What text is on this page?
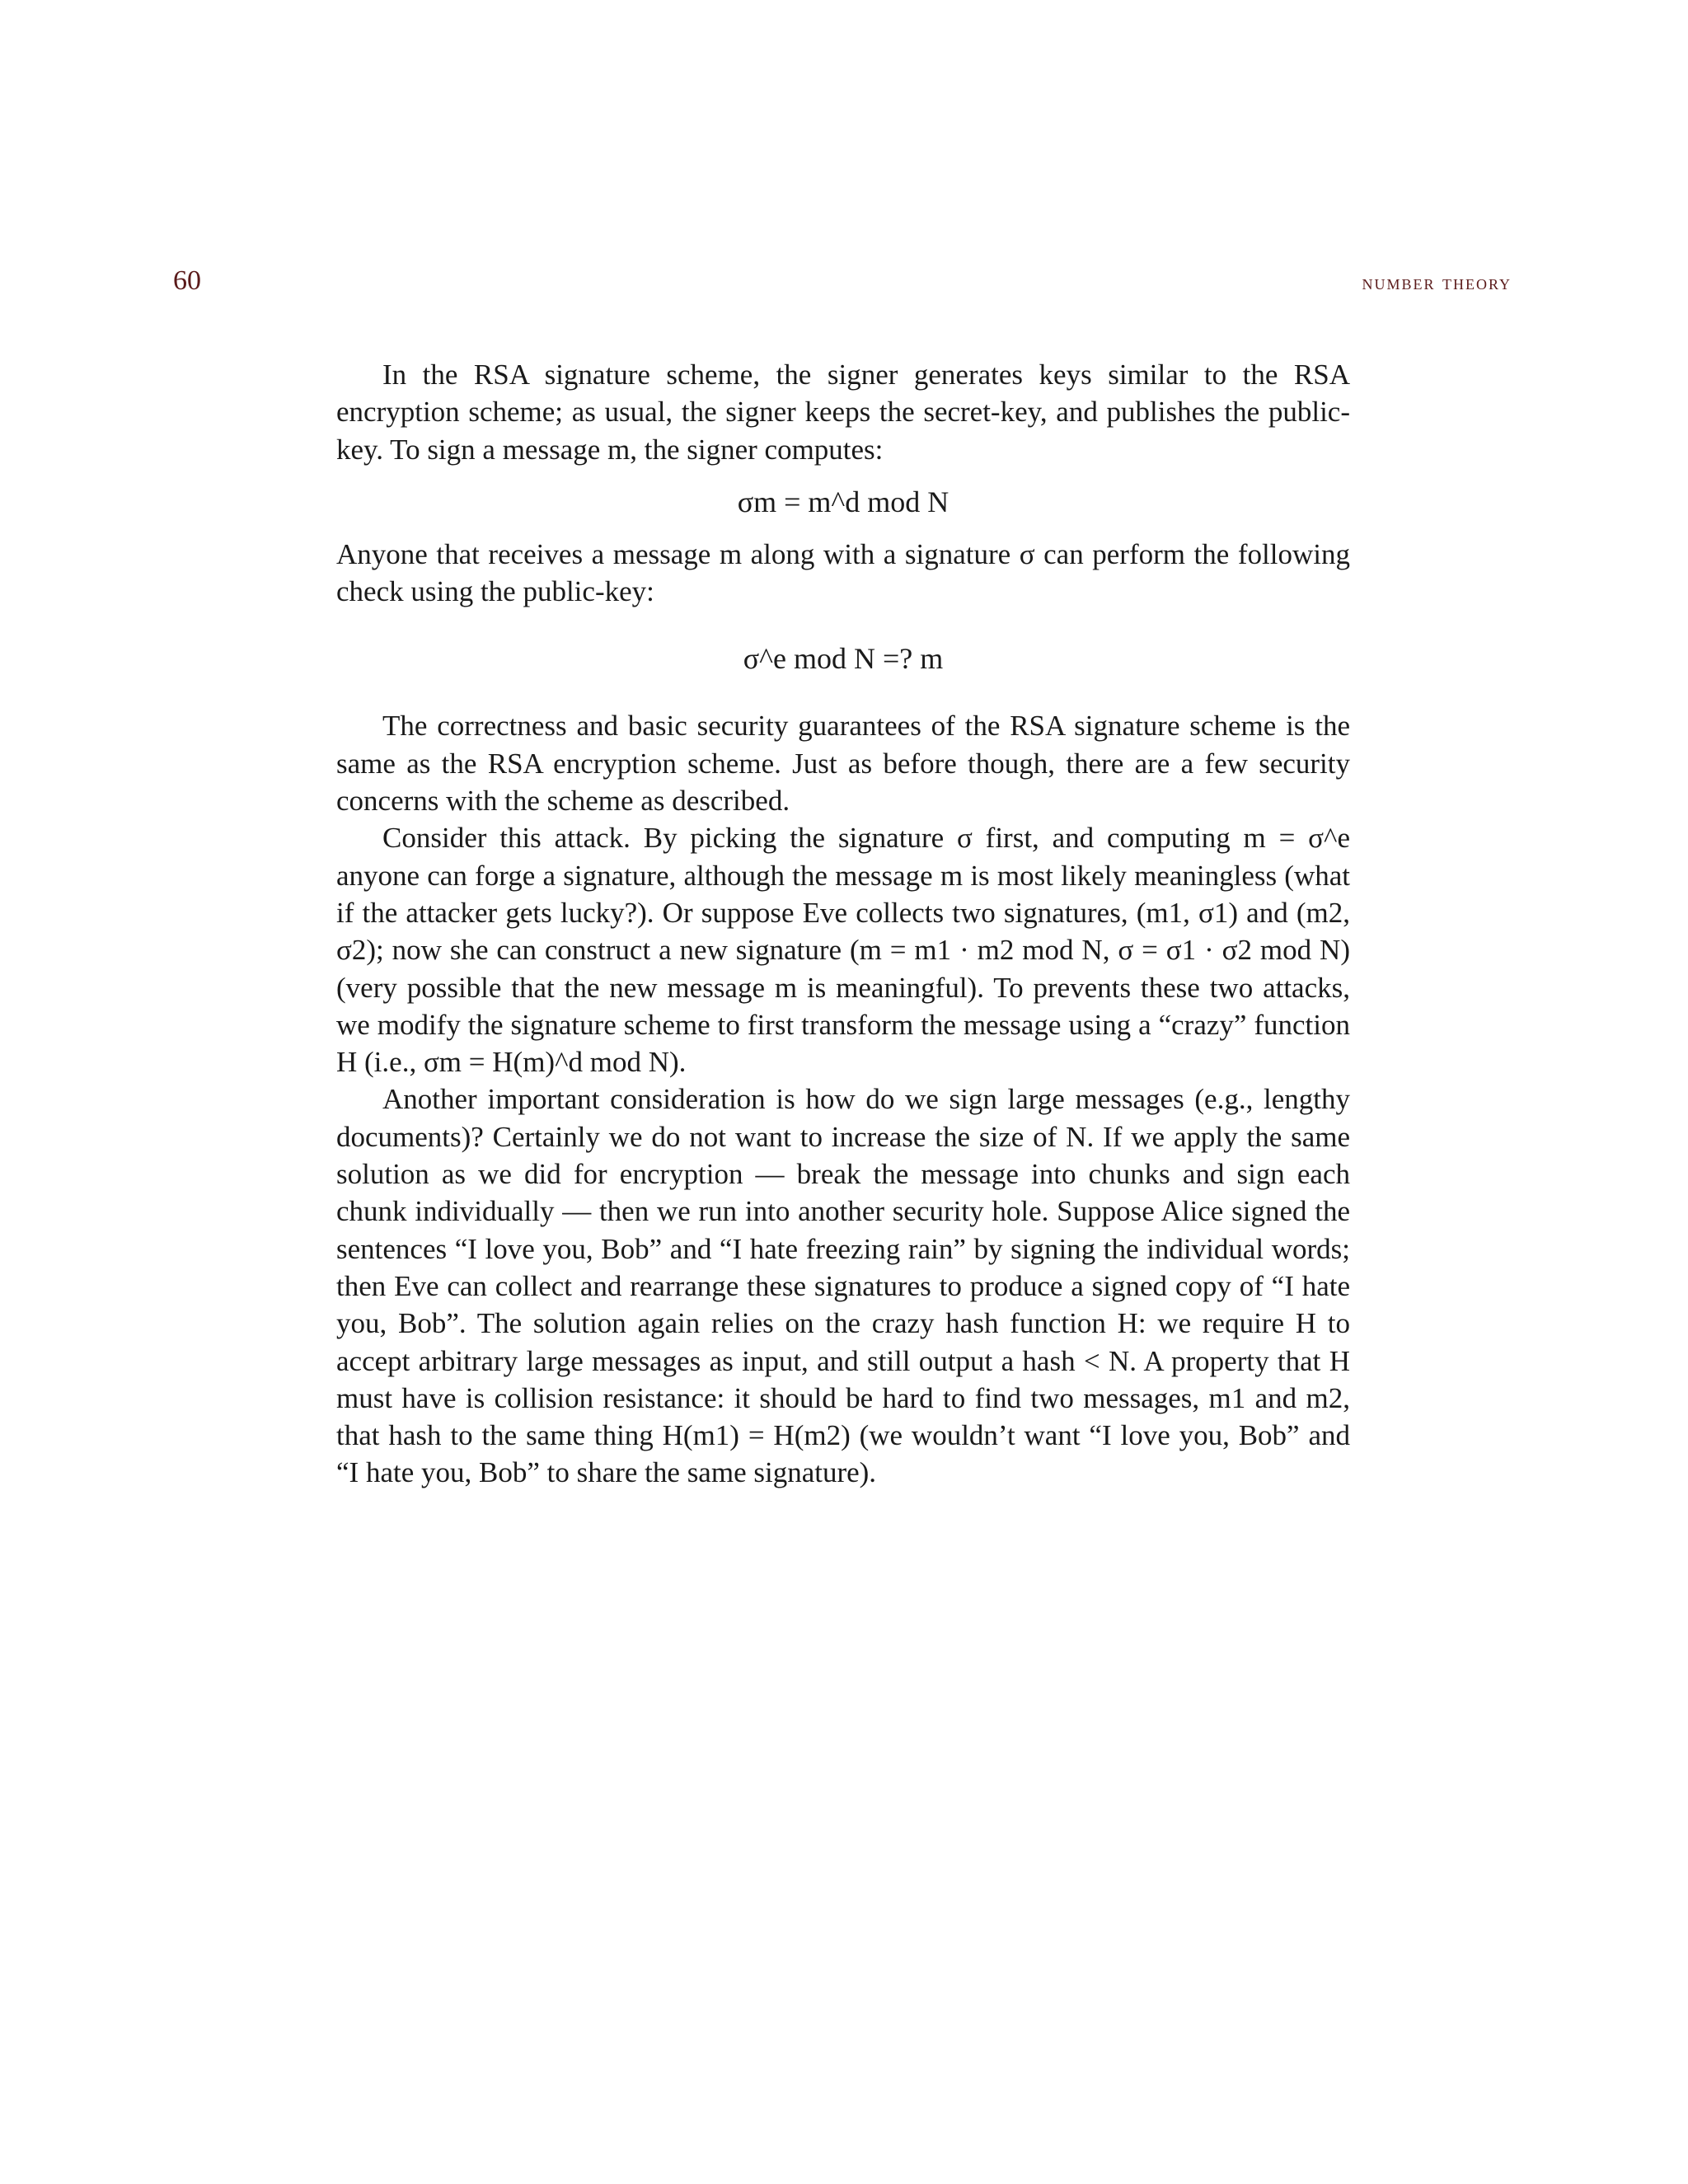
60	number theory

In the RSA signature scheme, the signer generates keys similar to the RSA encryption scheme; as usual, the signer keeps the secret-key, and publishes the public-key. To sign a message m, the signer computes:

σm = m^d mod N

Anyone that receives a message m along with a signature σ can perform the following check using the public-key:

σ^e mod N =? m

The correctness and basic security guarantees of the RSA signature scheme is the same as the RSA encryption scheme. Just as before though, there are a few security concerns with the scheme as described.

Consider this attack. By picking the signature σ first, and computing m = σ^e anyone can forge a signature, although the message m is most likely meaningless (what if the attacker gets lucky?). Or suppose Eve collects two signatures, (m1, σ1) and (m2, σ2); now she can construct a new signature (m = m1 · m2 mod N, σ = σ1 · σ2 mod N) (very possible that the new message m is meaningful). To prevents these two attacks, we modify the signature scheme to first transform the message using a “crazy” function H (i.e., σm = H(m)^d mod N).

Another important consideration is how do we sign large messages (e.g., lengthy documents)? Certainly we do not want to increase the size of N. If we apply the same solution as we did for encryption — break the message into chunks and sign each chunk individually — then we run into another security hole. Suppose Alice signed the sentences “I love you, Bob” and “I hate freezing rain” by signing the individual words; then Eve can collect and rearrange these signatures to produce a signed copy of “I hate you, Bob”. The solution again relies on the crazy hash function H: we require H to accept arbitrary large messages as input, and still output a hash < N. A property that H must have is collision resistance: it should be hard to find two messages, m1 and m2, that hash to the same thing H(m1) = H(m2) (we wouldn’t want “I love you, Bob” and “I hate you, Bob” to share the same signature).
